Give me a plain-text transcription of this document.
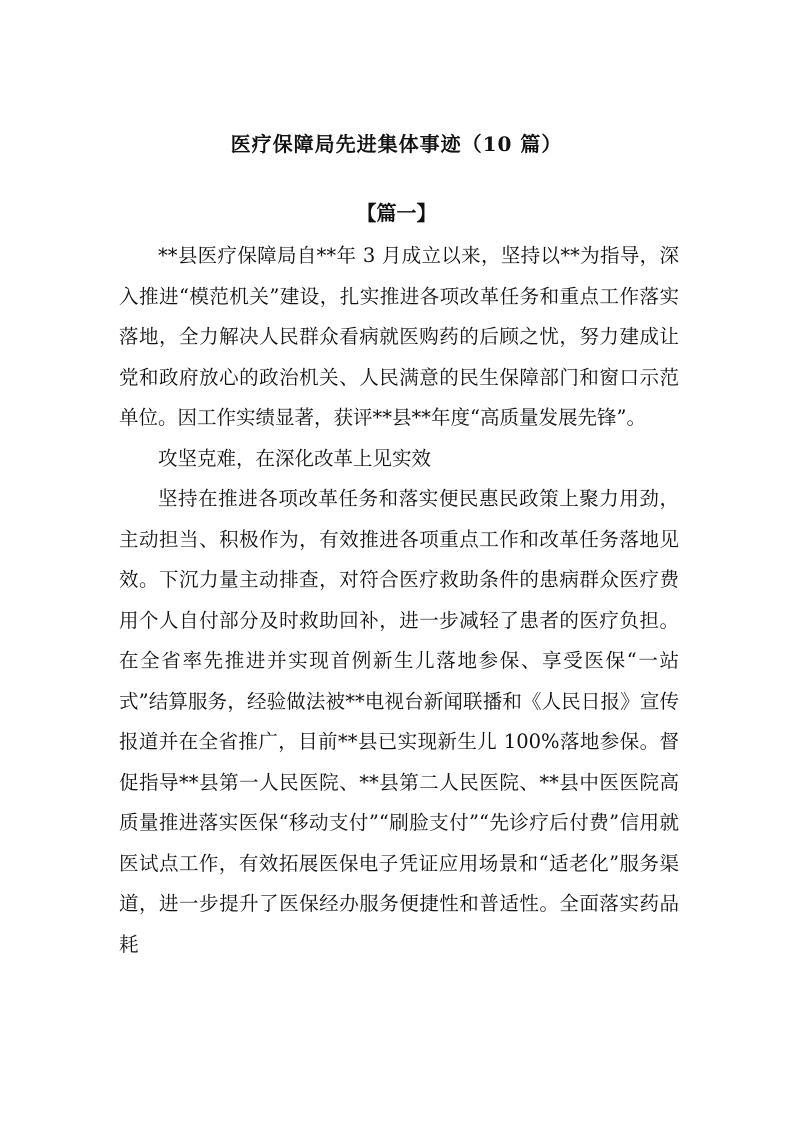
医疗保障局先进集体事迹（10 篇）
【篇一】

**县医疗保障局自**年 3 月成立以来，坚持以**为指导，深入推进“模范机关”建设，扎实推进各项改革任务和重点工作落实落地，全力解决人民群众看病就医购药的后顾之忧，努力建成让党和政府放心的政治机关、人民满意的民生保障部门和窗口示范单位。因工作实绩显著，获评**县**年度“高质量发展先锋”。

攻坚克难，在深化改革上见实效

坚持在推进各项改革任务和落实便民惠民政策上聚力用劲，主动担当、积极作为，有效推进各项重点工作和改革任务落地见效。下沉力量主动排查，对符合医疗救助条件的患病群众医疗费用个人自付部分及时救助回补，进一步减轻了患者的医疗负担。在全省率先推进并实现首例新生儿落地参保、享受医保“一站式”结算服务，经验做法被**电视台新闻联播和《人民日报》宣传报道并在全省推广，目前**县已实现新生儿 100%落地参保。督促指导**县第一人民医院、**县第二人民医院、**县中医医院高质量推进落实医保“移动支付”“刷脸支付”“先诊疗后付费”信用就医试点工作，有效拓展医保电子凭证应用场景和“适老化”服务渠道，进一步提升了医保经办服务便捷性和普适性。全面落实药品耗
